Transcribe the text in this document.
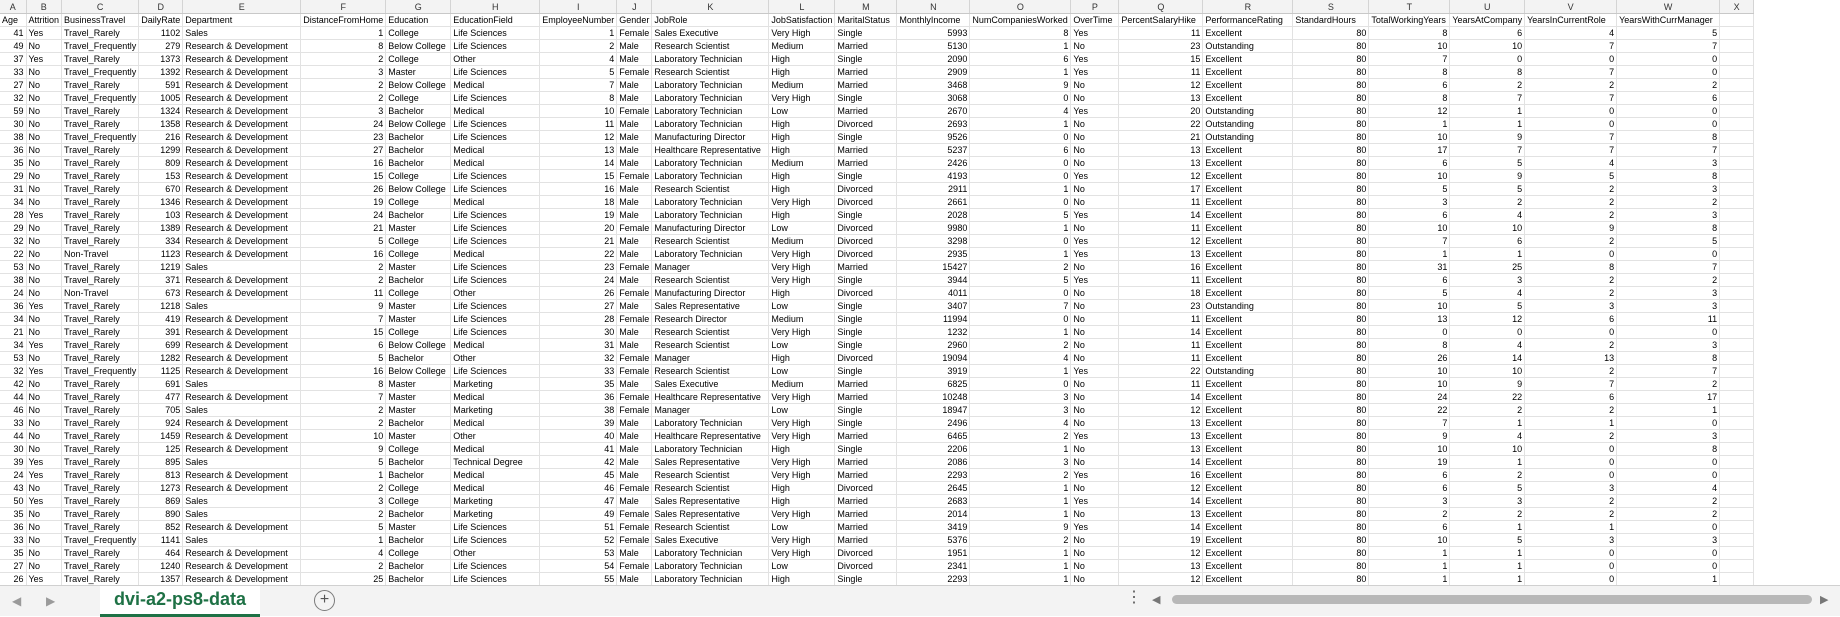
A	B	C	D	E	F	G	H	I	J	K	L	M	N	O	P	Q	R	S	T	U	V	W	X
Age	Attrition	BusinessTravel	DailyRate	Department	DistanceFromHome	Education	EducationField	EmployeeNumber	Gender	JobRole	JobSatisfaction	MaritalStatus	MonthlyIncome	NumCompaniesWorked	OverTime	PercentSalaryHike	PerformanceRating	StandardHours	TotalWorkingYears	YearsAtCompany	YearsInCurrentRole	YearsWithCurrManager	
41	Yes	Travel_Rarely	1102	Sales	1	College	Life Sciences	1	Female	Sales Executive	Very High	Single	5993	8	Yes	11	Excellent	80	8	6	4	5	
49	No	Travel_Frequently	279	Research & Development	8	Below College	Life Sciences	2	Male	Research Scientist	Medium	Married	5130	1	No	23	Outstanding	80	10	10	7	7	
37	Yes	Travel_Rarely	1373	Research & Development	2	College	Other	4	Male	Laboratory Technician	High	Single	2090	6	Yes	15	Excellent	80	7	0	0	0	
33	No	Travel_Frequently	1392	Research & Development	3	Master	Life Sciences	5	Female	Research Scientist	High	Married	2909	1	Yes	11	Excellent	80	8	8	7	0	
27	No	Travel_Rarely	591	Research & Development	2	Below College	Medical	7	Male	Laboratory Technician	Medium	Married	3468	9	No	12	Excellent	80	6	2	2	2	
32	No	Travel_Frequently	1005	Research & Development	2	College	Life Sciences	8	Male	Laboratory Technician	Very High	Single	3068	0	No	13	Excellent	80	8	7	7	6	
59	No	Travel_Rarely	1324	Research & Development	3	Bachelor	Medical	10	Female	Laboratory Technician	Low	Married	2670	4	Yes	20	Outstanding	80	12	1	0	0	
30	No	Travel_Rarely	1358	Research & Development	24	Below College	Life Sciences	11	Male	Laboratory Technician	High	Divorced	2693	1	No	22	Outstanding	80	1	1	0	0	
38	No	Travel_Frequently	216	Research & Development	23	Bachelor	Life Sciences	12	Male	Manufacturing Director	High	Single	9526	0	No	21	Outstanding	80	10	9	7	8	
36	No	Travel_Rarely	1299	Research & Development	27	Bachelor	Medical	13	Male	Healthcare Representative	High	Married	5237	6	No	13	Excellent	80	17	7	7	7	
35	No	Travel_Rarely	809	Research & Development	16	Bachelor	Medical	14	Male	Laboratory Technician	Medium	Married	2426	0	No	13	Excellent	80	6	5	4	3	
29	No	Travel_Rarely	153	Research & Development	15	College	Life Sciences	15	Female	Laboratory Technician	High	Single	4193	0	Yes	12	Excellent	80	10	9	5	8	
31	No	Travel_Rarely	670	Research & Development	26	Below College	Life Sciences	16	Male	Research Scientist	High	Divorced	2911	1	No	17	Excellent	80	5	5	2	3	
34	No	Travel_Rarely	1346	Research & Development	19	College	Medical	18	Male	Laboratory Technician	Very High	Divorced	2661	0	No	11	Excellent	80	3	2	2	2	
28	Yes	Travel_Rarely	103	Research & Development	24	Bachelor	Life Sciences	19	Male	Laboratory Technician	High	Single	2028	5	Yes	14	Excellent	80	6	4	2	3	
29	No	Travel_Rarely	1389	Research & Development	21	Master	Life Sciences	20	Female	Manufacturing Director	Low	Divorced	9980	1	No	11	Excellent	80	10	10	9	8	
32	No	Travel_Rarely	334	Research & Development	5	College	Life Sciences	21	Male	Research Scientist	Medium	Divorced	3298	0	Yes	12	Excellent	80	7	6	2	5	
22	No	Non-Travel	1123	Research & Development	16	College	Medical	22	Male	Laboratory Technician	Very High	Divorced	2935	1	Yes	13	Excellent	80	1	1	0	0	
53	No	Travel_Rarely	1219	Sales	2	Master	Life Sciences	23	Female	Manager	Very High	Married	15427	2	No	16	Excellent	80	31	25	8	7	
38	No	Travel_Rarely	371	Research & Development	2	Bachelor	Life Sciences	24	Male	Research Scientist	Very High	Single	3944	5	Yes	11	Excellent	80	6	3	2	2	
24	No	Non-Travel	673	Research & Development	11	College	Other	26	Female	Manufacturing Director	High	Divorced	4011	0	No	18	Excellent	80	5	4	2	3	
36	Yes	Travel_Rarely	1218	Sales	9	Master	Life Sciences	27	Male	Sales Representative	Low	Single	3407	7	No	23	Outstanding	80	10	5	3	3	
34	No	Travel_Rarely	419	Research & Development	7	Master	Life Sciences	28	Female	Research Director	Medium	Single	11994	0	No	11	Excellent	80	13	12	6	11	
21	No	Travel_Rarely	391	Research & Development	15	College	Life Sciences	30	Male	Research Scientist	Very High	Single	1232	1	No	14	Excellent	80	0	0	0	0	
34	Yes	Travel_Rarely	699	Research & Development	6	Below College	Medical	31	Male	Research Scientist	Low	Single	2960	2	No	11	Excellent	80	8	4	2	3	
53	No	Travel_Rarely	1282	Research & Development	5	Bachelor	Other	32	Female	Manager	High	Divorced	19094	4	No	11	Excellent	80	26	14	13	8	
32	Yes	Travel_Frequently	1125	Research & Development	16	Below College	Life Sciences	33	Female	Research Scientist	Low	Single	3919	1	Yes	22	Outstanding	80	10	10	2	7	
42	No	Travel_Rarely	691	Sales	8	Master	Marketing	35	Male	Sales Executive	Medium	Married	6825	0	No	11	Excellent	80	10	9	7	2	
44	No	Travel_Rarely	477	Research & Development	7	Master	Medical	36	Female	Healthcare Representative	Very High	Married	10248	3	No	14	Excellent	80	24	22	6	17	
46	No	Travel_Rarely	705	Sales	2	Master	Marketing	38	Female	Manager	Low	Single	18947	3	No	12	Excellent	80	22	2	2	1	
33	No	Travel_Rarely	924	Research & Development	2	Bachelor	Medical	39	Male	Laboratory Technician	Very High	Single	2496	4	No	13	Excellent	80	7	1	1	0	
44	No	Travel_Rarely	1459	Research & Development	10	Master	Other	40	Male	Healthcare Representative	Very High	Married	6465	2	Yes	13	Excellent	80	9	4	2	3	
30	No	Travel_Rarely	125	Research & Development	9	College	Medical	41	Male	Laboratory Technician	High	Single	2206	1	No	13	Excellent	80	10	10	0	8	
39	Yes	Travel_Rarely	895	Sales	5	Bachelor	Technical Degree	42	Male	Sales Representative	Very High	Married	2086	3	No	14	Excellent	80	19	1	0	0	
24	Yes	Travel_Rarely	813	Research & Development	1	Bachelor	Medical	45	Male	Research Scientist	Very High	Married	2293	2	Yes	16	Excellent	80	6	2	0	0	
43	No	Travel_Rarely	1273	Research & Development	2	College	Medical	46	Female	Research Scientist	High	Divorced	2645	1	No	12	Excellent	80	6	5	3	4	
50	Yes	Travel_Rarely	869	Sales	3	College	Marketing	47	Male	Sales Representative	High	Married	2683	1	Yes	14	Excellent	80	3	3	2	2	
35	No	Travel_Rarely	890	Sales	2	Bachelor	Marketing	49	Female	Sales Representative	Very High	Married	2014	1	No	13	Excellent	80	2	2	2	2	
36	No	Travel_Rarely	852	Research & Development	5	Master	Life Sciences	51	Female	Research Scientist	Low	Married	3419	9	Yes	14	Excellent	80	6	1	1	0	
33	No	Travel_Frequently	1141	Sales	1	Bachelor	Life Sciences	52	Female	Sales Executive	Very High	Married	5376	2	No	19	Excellent	80	10	5	3	3	
35	No	Travel_Rarely	464	Research & Development	4	College	Other	53	Male	Laboratory Technician	Very High	Divorced	1951	1	No	12	Excellent	80	1	1	0	0	
27	No	Travel_Rarely	1240	Research & Development	2	Bachelor	Life Sciences	54	Female	Laboratory Technician	Low	Divorced	2341	1	No	13	Excellent	80	1	1	0	0	
26	Yes	Travel_Rarely	1357	Research & Development	25	Bachelor	Life Sciences	55	Male	Laboratory Technician	High	Single	2293	1	No	12	Excellent	80	1	1	0	1	

◀ ▶	dvi-a2-ps8-data	+	⋮ ◀	▶
